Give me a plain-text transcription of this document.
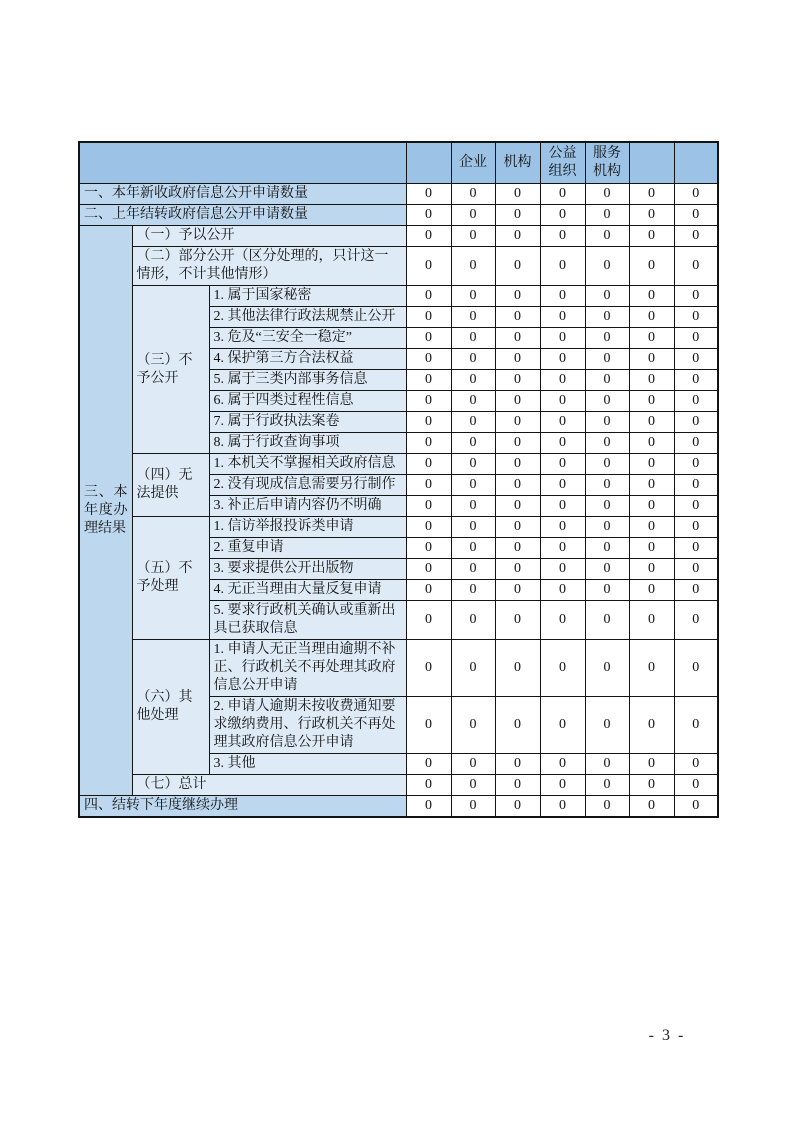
				企业	机构	公益组织	服务机构		
一、本年新收政府信息公开申请数量			0	0	0	0	0	0	0
二、上年结转政府信息公开申请数量			0	0	0	0	0	0	0
三、本年度办理结果	（一）予以公开		0	0	0	0	0	0	0
	（二）部分公开（区分处理的，只计这一情形，不计其他情形）		0	0	0	0	0	0	0
	（三）不予公开	1. 属于国家秘密	0	0	0	0	0	0	0
		2. 其他法律行政法规禁止公开	0	0	0	0	0	0	0
		3. 危及“三安全一稳定”	0	0	0	0	0	0	0
		4. 保护第三方合法权益	0	0	0	0	0	0	0
		5. 属于三类内部事务信息	0	0	0	0	0	0	0
		6. 属于四类过程性信息	0	0	0	0	0	0	0
		7. 属于行政执法案卷	0	0	0	0	0	0	0
		8. 属于行政查询事项	0	0	0	0	0	0	0
	（四）无法提供	1. 本机关不掌握相关政府信息	0	0	0	0	0	0	0
		2. 没有现成信息需要另行制作	0	0	0	0	0	0	0
		3. 补正后申请内容仍不明确	0	0	0	0	0	0	0
	（五）不予处理	1. 信访举报投诉类申请	0	0	0	0	0	0	0
		2. 重复申请	0	0	0	0	0	0	0
		3. 要求提供公开出版物	0	0	0	0	0	0	0
		4. 无正当理由大量反复申请	0	0	0	0	0	0	0
		5. 要求行政机关确认或重新出具已获取信息	0	0	0	0	0	0	0
	（六）其他处理	1. 申请人无正当理由逾期不补正、行政机关不再处理其政府信息公开申请	0	0	0	0	0	0	0
		2. 申请人逾期未按收费通知要求缴纳费用、行政机关不再处理其政府信息公开申请	0	0	0	0	0	0	0
		3. 其他	0	0	0	0	0	0	0
	（七）总计		0	0	0	0	0	0	0
四、结转下年度继续办理			0	0	0	0	0	0	0
- 3 -
